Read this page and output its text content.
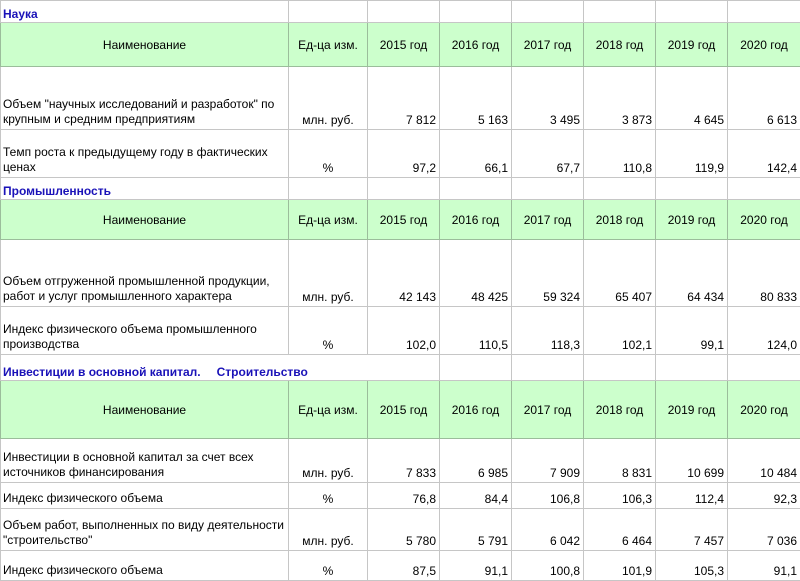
Наука							
Наименование	Ед-ца изм.	2015 год	2016 год	2017 год	2018 год	2019 год	2020 год
Объем "научных исследований и разработок" по крупным и средним предприятиям	млн. руб.	7 812	5 163	3 495	3 873	4 645	6 613
Темп роста к предыдущему году в фактических ценах	%	97,2	66,1	67,7	110,8	119,9	142,4
Промышленность							
Наименование	Ед-ца изм.	2015 год	2016 год	2017 год	2018 год	2019 год	2020 год
Объем отгруженной промышленной продукции, работ и услуг промышленного характера	млн. руб.	42 143	48 425	59 324	65 407	64 434	80 833
Индекс физического объема промышленного производства	%	102,0	110,5	118,3	102,1	99,1	124,0
Инвестиции в основной капитал. Строительство							
Наименование	Ед-ца изм.	2015 год	2016 год	2017 год	2018 год	2019 год	2020 год
Инвестиции в основной капитал за счет всех источников финансирования	млн. руб.	7 833	6 985	7 909	8 831	10 699	10 484
Индекс физического объема	%	76,8	84,4	106,8	106,3	112,4	92,3
Объем работ, выполненных по виду деятельности "строительство"	млн. руб.	5 780	5 791	6 042	6 464	7 457	7 036
Индекс физического объема	%	87,5	91,1	100,8	101,9	105,3	91,1
